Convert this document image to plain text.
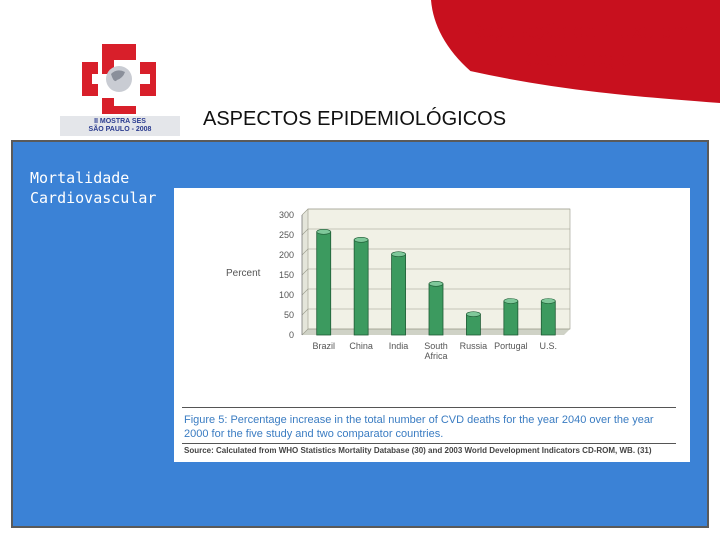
II MOSTRA SES
SÃO PAULO - 2008
Regulação de Fluxo em
Cardiologia
ASPECTOS EPIDEMIOLÓGICOS
Mortalidade
Cardiovascular
0
50
100
150
200
250
300
Brazil China India South
Africa
Russia Portugal U.S.
Percent
Figure 5: Percentage increase in the total number of CVD deaths for the year 2040 over the year 2000 for the five study and two comparator countries.
Source: Calculated from WHO Statistics Mortality Database (30) and 2003 World Development Indicators CD-ROM, WB. (31)
